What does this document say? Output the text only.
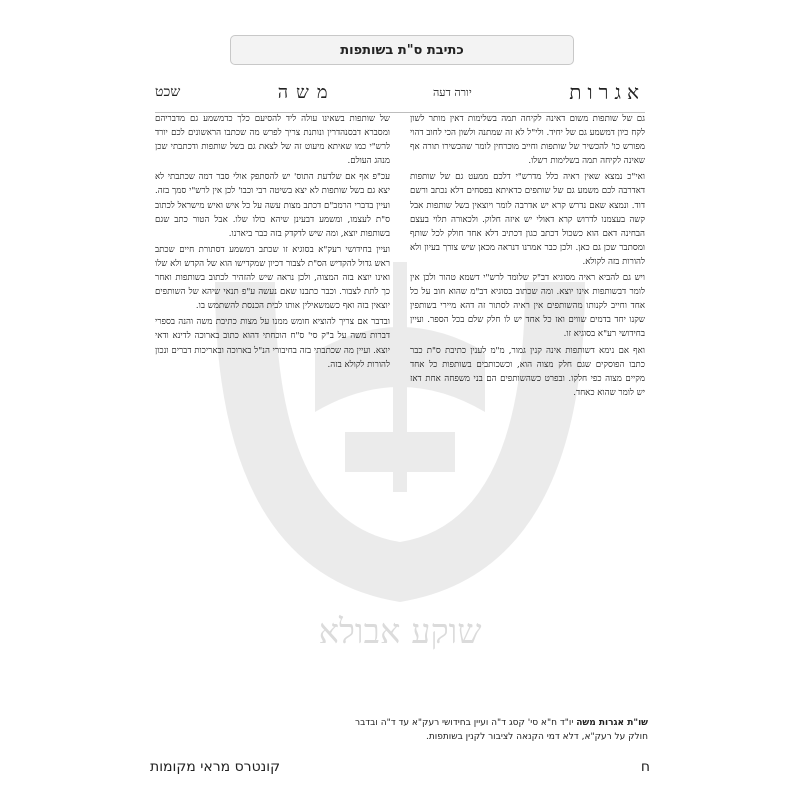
כתיבת ס"ת בשותפות
אגרות
יורה דעה
משה
שכט
שוקע אבולא

של שותפות בשאינו עולה ליד להסיעם כלך כדמשמע גם מדבריהם ומסברא דבסנהדרין ונותנת צריך לפרש מה שכתבו הראשונים לכם יורד לרש"י כמו שאיתא מיעוט זה של לצאת גם בשל שותפות ודכתבתי שכן מנהג העולם.

עכ"פ אף אם שלדעת התוס' יש להסתפק אולי סבר דמה שכתבתי לא יצא גם בשל שותפות לא יצא בשיטה רבי וכבו' לכן אין לרש"י סמך בזה. ועיין בדברי הרמב"ם דכתב מצות עשה על כל איש ואיש מישראל לכתוב ס"ת לעצמו, ומשמע דבעינן שיהא כולו שלו. אבל הטור כתב שגם בשותפות יוצא, ומה שיש לדקדק בזה כבר ביארנו.

ועיין בחידושי רעק"א בסוגיא זו שכתב דמשמע דסתורת חיים שכתב ראש גדול להקדיש הס"ת לצבור דכיון שמקדישו הוא של הקדש ולא שלו ואינו יוצא בזה המצוה, ולכן נראה שיש להזהיר לכתוב בשותפות ואחר כך לתת לצבור. וכבר כתבנו שאם נעשה ע"פ תנאי שיהא של השותפים יוצאין בזה ואף כשמשאילין אותו לבית הכנסת להשתמש בו.

ובדבר אם צריך להוציא חומש ממנו על מצות כתיבת משה והנה בספרי דברות משה על ב"ק סי' ס"ח הוכחתי דהוא כתוב בארוכה לדינא ודאי יוצא. ועיין מה שכתבתי בזה בחיבורי הנ"ל בארוכה ובאריכות דברים ונכון להורות לקולא בזה.

גם של שותפות משום דאינה לקיחה תמה בשלימות דאין מותר לשון לקח כיון דמשמע גם של יחיד. ולי"ל לא זה שמתנה ולשון הכי לחוב דהוי מפורש כו' להכשיר של שותפות וחייב מוכרחין לומר שהכשירו תורה אף שאינה לקיחה תמה בשלימות רשלו.

ואי"כ נמצא שאין ראיה כלל מדרש"י דלכם ממעט גם של שותפות דאדרבה לכם משמע גם של שותפים כדאיתא בפסחים דלא נכתב ורשם דוד. ונמצא שאם נדרש קרא יש אדרבה לומר ויוצאין בשל שותפות אבל קשה בעצמנו לדרוש קרא דאולי יש איזה חלוק. ולכאורה תלוי בעצם הבחינה דאם הוא כשכול דכתב כגון דכתיב דלא אחד חולק לכל שותף ומסתבר שכן גם כאן. ולכן כבר אמרנו דנראה מכאן שיש צורך בעיון ולא להורות בזה לקולא.

ויש גם להביא ראיה מסוגיא דב"ק שלומד לרש"י דשמא טהור ולכן אין לומר דבשותפות אינו יוצא. ומה שכתוב בסוגיא דב"מ שהוא חוב על כל אחד וחייב לקנותו מהשותפים אין ראיה לסתור זה דהא מיירי בשותפין שקנו יחד בדמים שווים ואז כל אחד יש לו חלק שלם בכל הספר. ועיין בחידושי רע"א בסוגיא זו.

ואף אם נימא דשותפות אינה קנין גמור, מ"מ לענין כתיבת ס"ת כבר כתבו הפוסקים שגם חלק מצוה הוא, וכשכותבים בשותפות כל אחד מקיים מצוה כפי חלקו. ובפרט כשהשותפים הם בני משפחה אחת דאז יש לומר שהוא כאחד.

שו"ת אגרות משה יו"ד ח"א סי' קסג ד"ה ועיין בחידושי רעק"א עד ד"ה ובדבר
חולק על רעק"א, דלא דמי הקנאה לציבור לקנין בשותפות.
ח
קונטרס מראי מקומות
